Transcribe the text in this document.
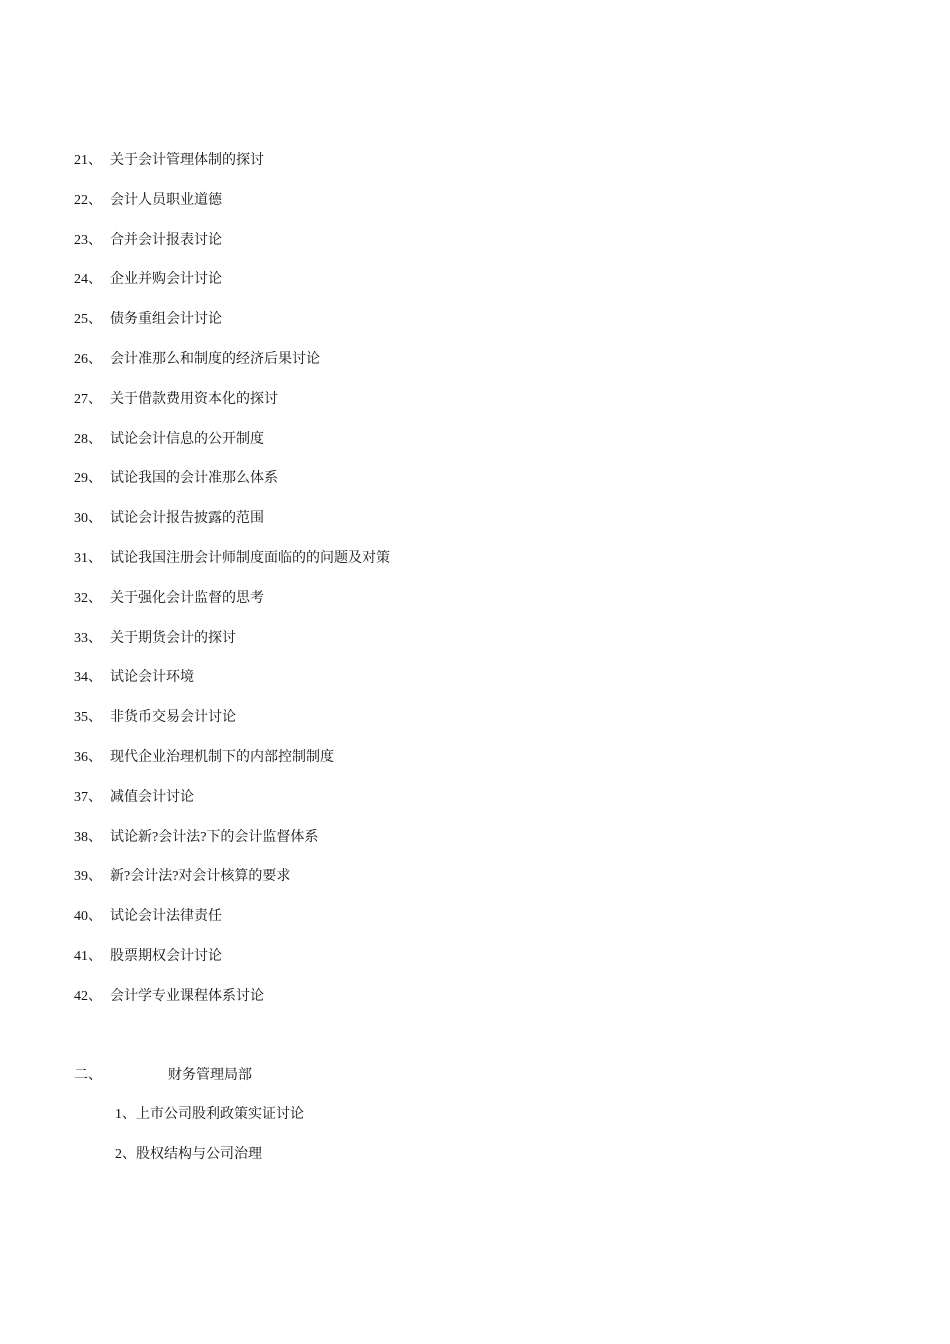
21、 关于会计管理体制的探讨
22、 会计人员职业道德
23、 合并会计报表讨论
24、 企业并购会计讨论
25、 债务重组会计讨论
26、 会计准那么和制度的经济后果讨论
27、 关于借款费用资本化的探讨
28、 试论会计信息的公开制度
29、 试论我国的会计准那么体系
30、 试论会计报告披露的范围
31、 试论我国注册会计师制度面临的的问题及对策
32、 关于强化会计监督的思考
33、 关于期货会计的探讨
34、 试论会计环境
35、 非货币交易会计讨论
36、 现代企业治理机制下的内部控制制度
37、 减值会计讨论
38、 试论新?会计法?下的会计监督体系
39、 新?会计法?对会计核算的要求
40、 试论会计法律责任
41、 股票期权会计讨论
42、 会计学专业课程体系讨论
二、	财务管理局部
1、上市公司股利政策实证讨论
2、股权结构与公司治理
